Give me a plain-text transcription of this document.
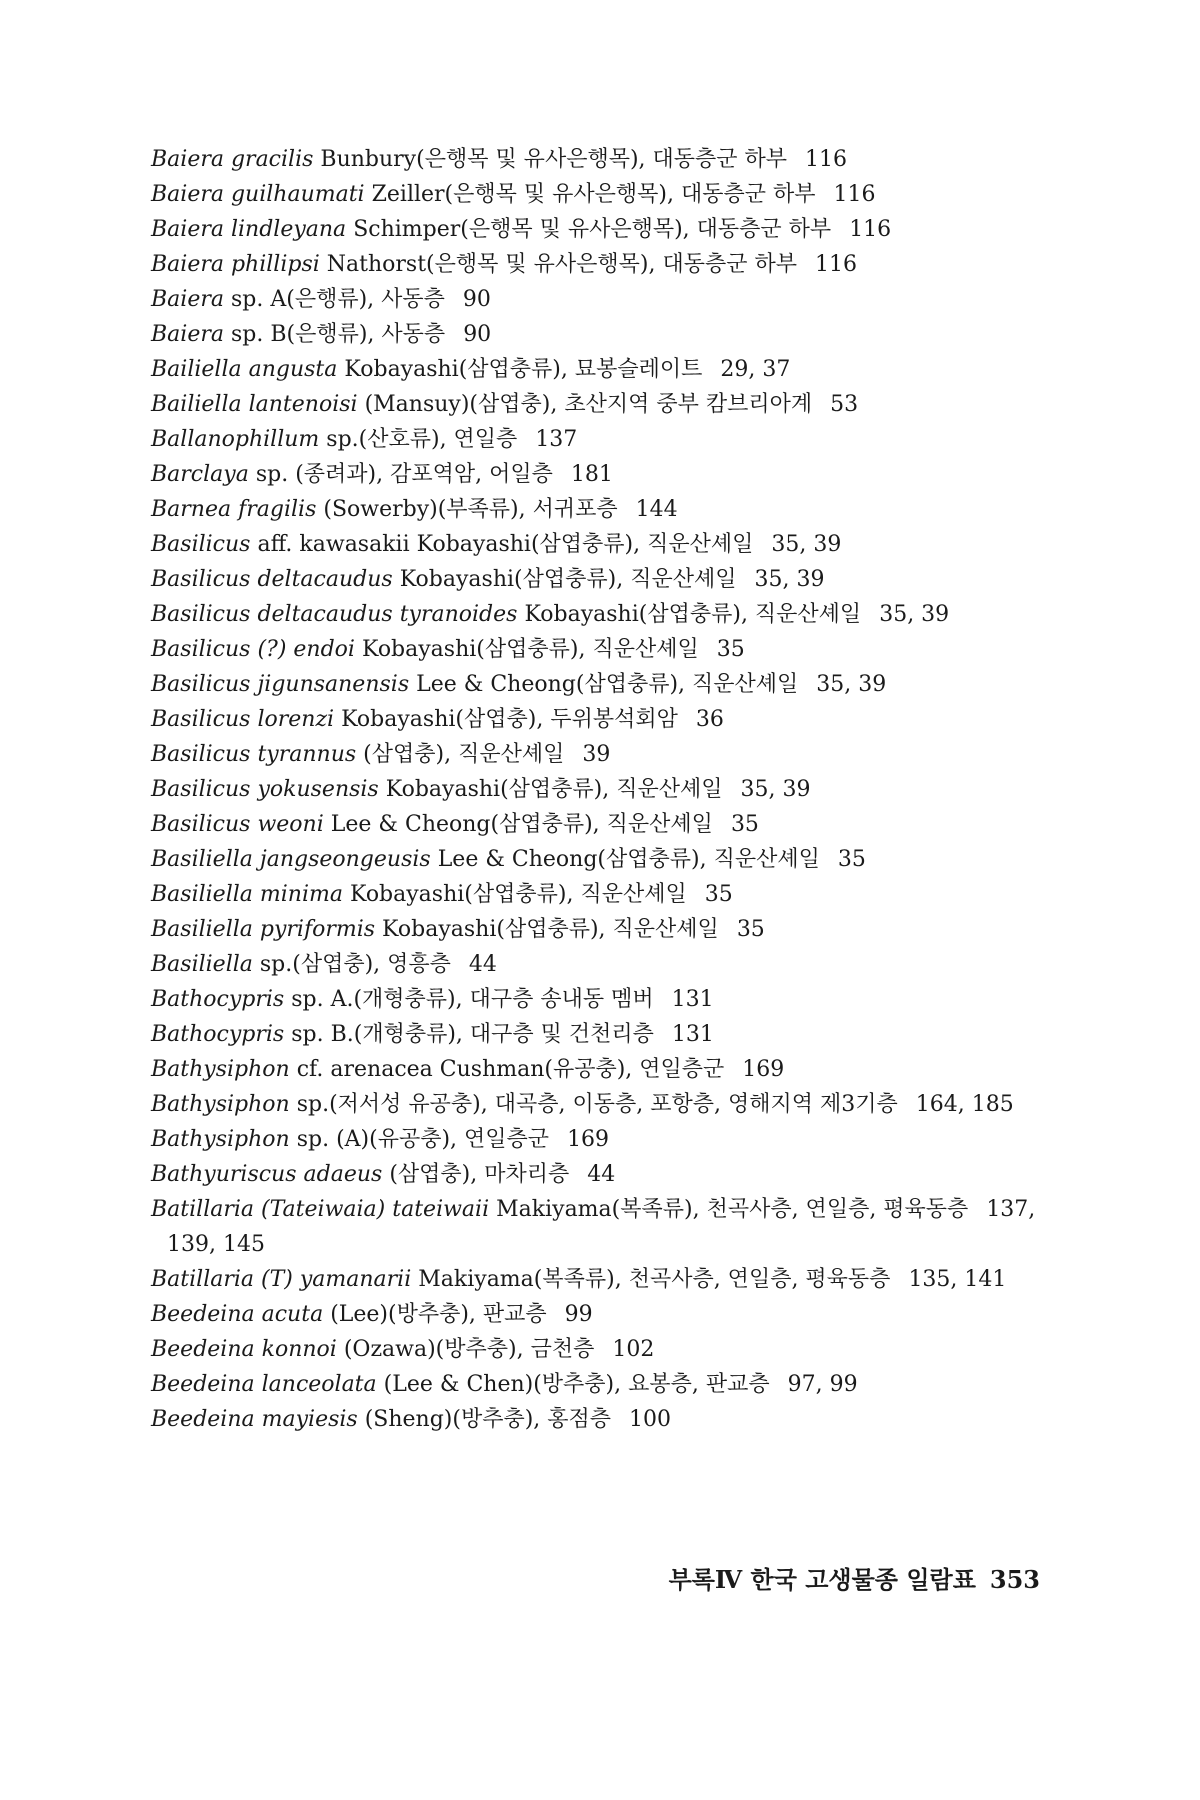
Baiera gracilis Bunbury(은행목 및 유사은행목), 대동층군 하부 116
Baiera guilhaumati Zeiller(은행목 및 유사은행목), 대동층군 하부 116
Baiera lindleyana Schimper(은행목 및 유사은행목), 대동층군 하부 116
Baiera phillipsi Nathorst(은행목 및 유사은행목), 대동층군 하부 116
Baiera sp. A(은행류), 사동층 90
Baiera sp. B(은행류), 사동층 90
Bailiella angusta Kobayashi(삼엽충류), 묘봉슬레이트 29, 37
Bailiella lantenoisi (Mansuy)(삼엽충), 초산지역 중부 캄브리아계 53
Ballanophillum sp.(산호류), 연일층 137
Barclaya sp. (종려과), 감포역암, 어일층 181
Barnea fragilis (Sowerby)(부족류), 서귀포층 144
Basilicus aff. kawasakii Kobayashi(삼엽충류), 직운산셰일 35, 39
Basilicus deltacaudus Kobayashi(삼엽충류), 직운산셰일 35, 39
Basilicus deltacaudus tyranoides Kobayashi(삼엽충류), 직운산셰일 35, 39
Basilicus (?) endoi Kobayashi(삼엽충류), 직운산셰일 35
Basilicus jigunsanensis Lee & Cheong(삼엽충류), 직운산셰일 35, 39
Basilicus lorenzi Kobayashi(삼엽충), 두위봉석회암 36
Basilicus tyrannus (삼엽충), 직운산셰일 39
Basilicus yokusensis Kobayashi(삼엽충류), 직운산셰일 35, 39
Basilicus weoni Lee & Cheong(삼엽충류), 직운산셰일 35
Basiliella jangseongeusis Lee & Cheong(삼엽충류), 직운산셰일 35
Basiliella minima Kobayashi(삼엽충류), 직운산셰일 35
Basiliella pyriformis Kobayashi(삼엽충류), 직운산셰일 35
Basiliella sp.(삼엽충), 영흥층 44
Bathocypris sp. A.(개형충류), 대구층 송내동 멤버 131
Bathocypris sp. B.(개형충류), 대구층 및 건천리층 131
Bathysiphon cf. arenacea Cushman(유공충), 연일층군 169
Bathysiphon sp.(저서성 유공충), 대곡층, 이동층, 포항층, 영해지역 제3기층 164, 185
Bathysiphon sp. (A)(유공충), 연일층군 169
Bathyuriscus adaeus (삼엽충), 마차리층 44
Batillaria (Tateiwaia) tateiwaii Makiyama(복족류), 천곡사층, 연일층, 평육동층 137, 139, 145
Batillaria (T) yamanarii Makiyama(복족류), 천곡사층, 연일층, 평육동층 135, 141
Beedeina acuta (Lee)(방추충), 판교층 99
Beedeina konnoi (Ozawa)(방추충), 금천층 102
Beedeina lanceolata (Lee & Chen)(방추충), 요봉층, 판교층 97, 99
Beedeina mayiesis (Sheng)(방추충), 홍점층 100
부록Ⅳ 한국 고생물종 일람표 353
